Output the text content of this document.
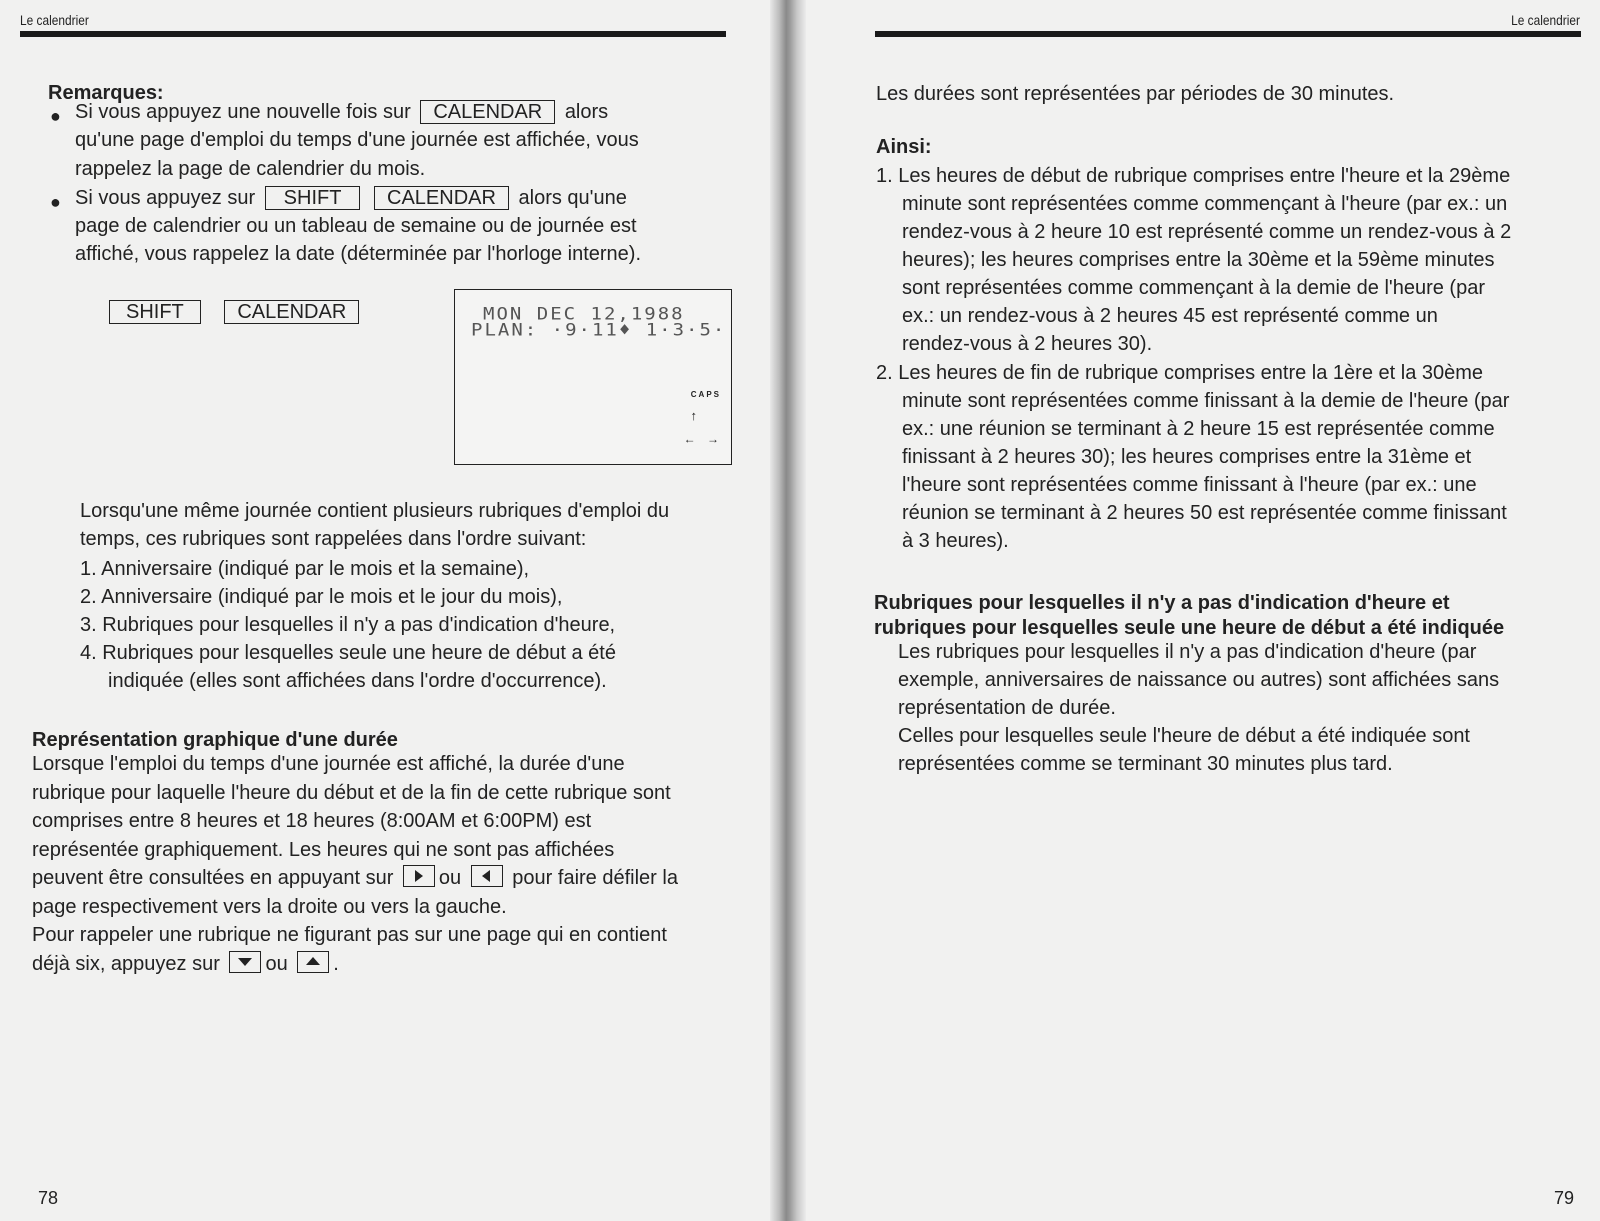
Le calendrier
Remarques:
● Si vous appuyez une nouvelle fois sur CALENDAR alors
qu'une page d'emploi du temps d'une journée est affichée, vous
rappelez la page de calendrier du mois.
● Si vous appuyez sur SHIFT CALENDAR alors qu'une
page de calendrier ou un tableau de semaine ou de journée est
affiché, vous rappelez la date (déterminée par l'horloge interne).
SHIFT	CALENDAR	MON DEC 12,1988
PLAN: ·9·11♦ 1·3·5·
CAPS
↑
← →
Lorsqu'une même journée contient plusieurs rubriques d'emploi du
temps, ces rubriques sont rappelées dans l'ordre suivant:
1. Anniversaire (indiqué par le mois et la semaine),
2. Anniversaire (indiqué par le mois et le jour du mois),
3. Rubriques pour lesquelles il n'y a pas d'indication d'heure,
4. Rubriques pour lesquelles seule une heure de début a été
indiquée (elles sont affichées dans l'ordre d'occurrence).
Représentation graphique d'une durée
Lorsque l'emploi du temps d'une journée est affiché, la durée d'une
rubrique pour laquelle l'heure du début et de la fin de cette rubrique sont
comprises entre 8 heures et 18 heures (8:00AM et 6:00PM) est
représentée graphiquement. Les heures qui ne sont pas affichées
peuvent être consultées en appuyant sur ou	pour faire défiler la
page respectivement vers la droite ou vers la gauche.
Pour rappeler une rubrique ne figurant pas sur une page qui en contient
déjà six, appuyez sur ou .
78
Le calendrier
Les durées sont représentées par périodes de 30 minutes.
Ainsi:
1. Les heures de début de rubrique comprises entre l'heure et la 29ème
minute sont représentées comme commençant à l'heure (par ex.: un
rendez-vous à 2 heure 10 est représenté comme un rendez-vous à 2
heures); les heures comprises entre la 30ème et la 59ème minutes
sont représentées comme commençant à la demie de l'heure (par
ex.: un rendez-vous à 2 heures 45 est représenté comme un
rendez-vous à 2 heures 30).
2. Les heures de fin de rubrique comprises entre la 1ère et la 30ème
minute sont représentées comme finissant à la demie de l'heure (par
ex.: une réunion se terminant à 2 heure 15 est représentée comme
finissant à 2 heures 30); les heures comprises entre la 31ème et
l'heure sont représentées comme finissant à l'heure (par ex.: une
réunion se terminant à 2 heures 50 est représentée comme finissant
à 3 heures).
Rubriques pour lesquelles il n'y a pas d'indication d'heure et
rubriques pour lesquelles seule une heure de début a été indiquée
Les rubriques pour lesquelles il n'y a pas d'indication d'heure (par
exemple, anniversaires de naissance ou autres) sont affichées sans
représentation de durée.
Celles pour lesquelles seule l'heure de début a été indiquée sont
représentées comme se terminant 30 minutes plus tard.
79
